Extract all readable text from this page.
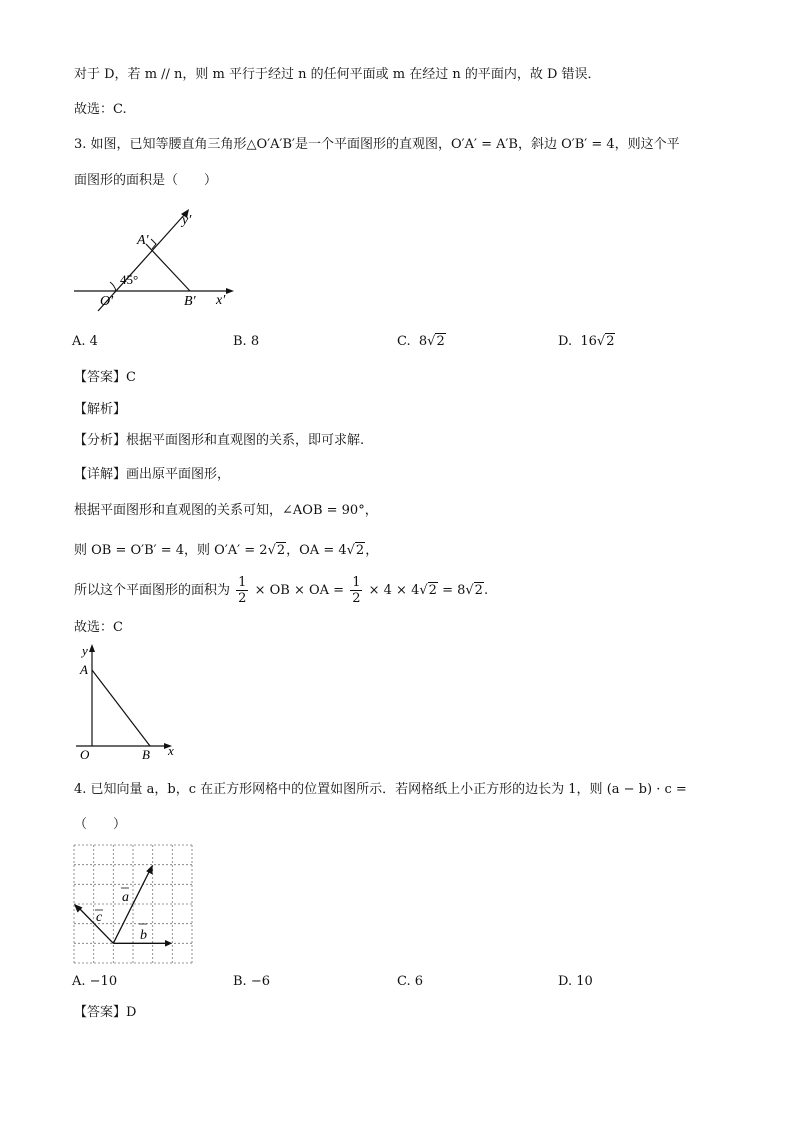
对于 D，若 m // n，则 m 平行于经过 n 的任何平面或 m 在经过 n 的平面内，故 D 错误．
故选：C.
3. 如图，已知等腰直角三角形△O′A′B′是一个平面图形的直观图，O′A′ = A′B，斜边 O′B′ = 4，则这个平
面图形的面积是（　　）
y′
A′
45°
O′	B′ x′
A. 4	B. 8	C. 8√2	D. 16√2
【答案】C
【解析】
【分析】根据平面图形和直观图的关系，即可求解.
【详解】画出原平面图形，
根据平面图形和直观图的关系可知，∠AOB = 90°，
则 OB = O′B′ = 4，则 O′A′ = 2√2，OA = 4√2，
所以这个平面图形的面积为 $\frac{1}{2}$ × OB × OA = $\frac{1}{2} \times 4 \times 4√2 = 8√2$.
故选：C
y
A
O	B x
4. 已知向量 a，b，c 在正方形网格中的位置如图所示．若网格纸上小正方形的边长为 1，则 (a − b) · c =
（　　）
a
c
b
A. −10	B. −6	C. 6	D. 10
【答案】D
